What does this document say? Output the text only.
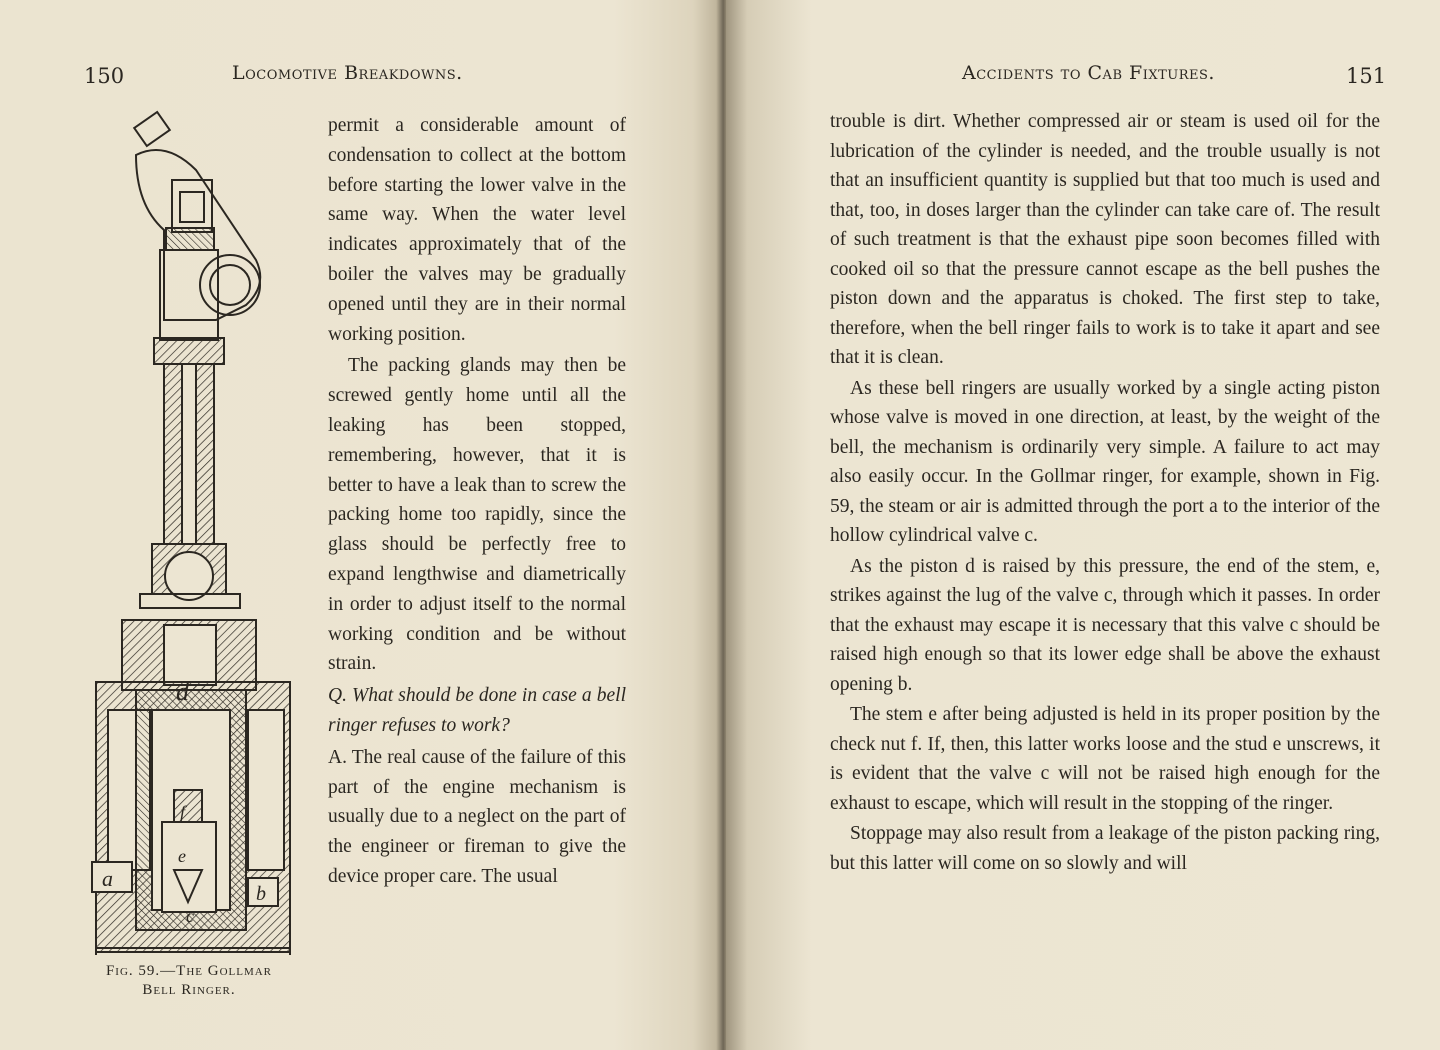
150	Locomotive Breakdowns.
d
f
e
a
b
c
Fig. 59.—The Gollmar
Bell Ringer.

permit a considerable amount of condensation to collect at the bottom before starting the lower valve in the same way. When the water level indicates approximately that of the boiler the valves may be gradually opened until they are in their normal working position.

The packing glands may then be screwed gently home until all the leaking has been stopped, remembering, however, that it is better to have a leak than to screw the packing home too rapidly, since the glass should be perfectly free to expand lengthwise and diametrically in order to adjust itself to the normal working condition and be without strain.

Q. What should be done in case a bell ringer refuses to work?

A. The real cause of the failure of this part of the engine mechanism is usually due to a neglect on the part of the engineer or fireman to give the device proper care. The usual

Accidents to Cab Fixtures.	151

trouble is dirt. Whether compressed air or steam is used oil for the lubrication of the cylinder is needed, and the trouble usually is not that an insufficient quantity is supplied but that too much is used and that, too, in doses larger than the cylinder can take care of. The result of such treatment is that the exhaust pipe soon becomes filled with cooked oil so that the pressure cannot escape as the bell pushes the piston down and the apparatus is choked. The first step to take, therefore, when the bell ringer fails to work is to take it apart and see that it is clean.

As these bell ringers are usually worked by a single acting piston whose valve is moved in one direction, at least, by the weight of the bell, the mechanism is ordinarily very simple. A failure to act may also easily occur. In the Gollmar ringer, for example, shown in Fig. 59, the steam or air is admitted through the port a to the interior of the hollow cylindrical valve c.

As the piston d is raised by this pressure, the end of the stem, e, strikes against the lug of the valve c, through which it passes. In order that the exhaust may escape it is necessary that this valve c should be raised high enough so that its lower edge shall be above the exhaust opening b.

The stem e after being adjusted is held in its proper position by the check nut f. If, then, this latter works loose and the stud e unscrews, it is evident that the valve c will not be raised high enough for the exhaust to escape, which will result in the stopping of the ringer.

Stoppage may also result from a leakage of the piston packing ring, but this latter will come on so slowly and will
